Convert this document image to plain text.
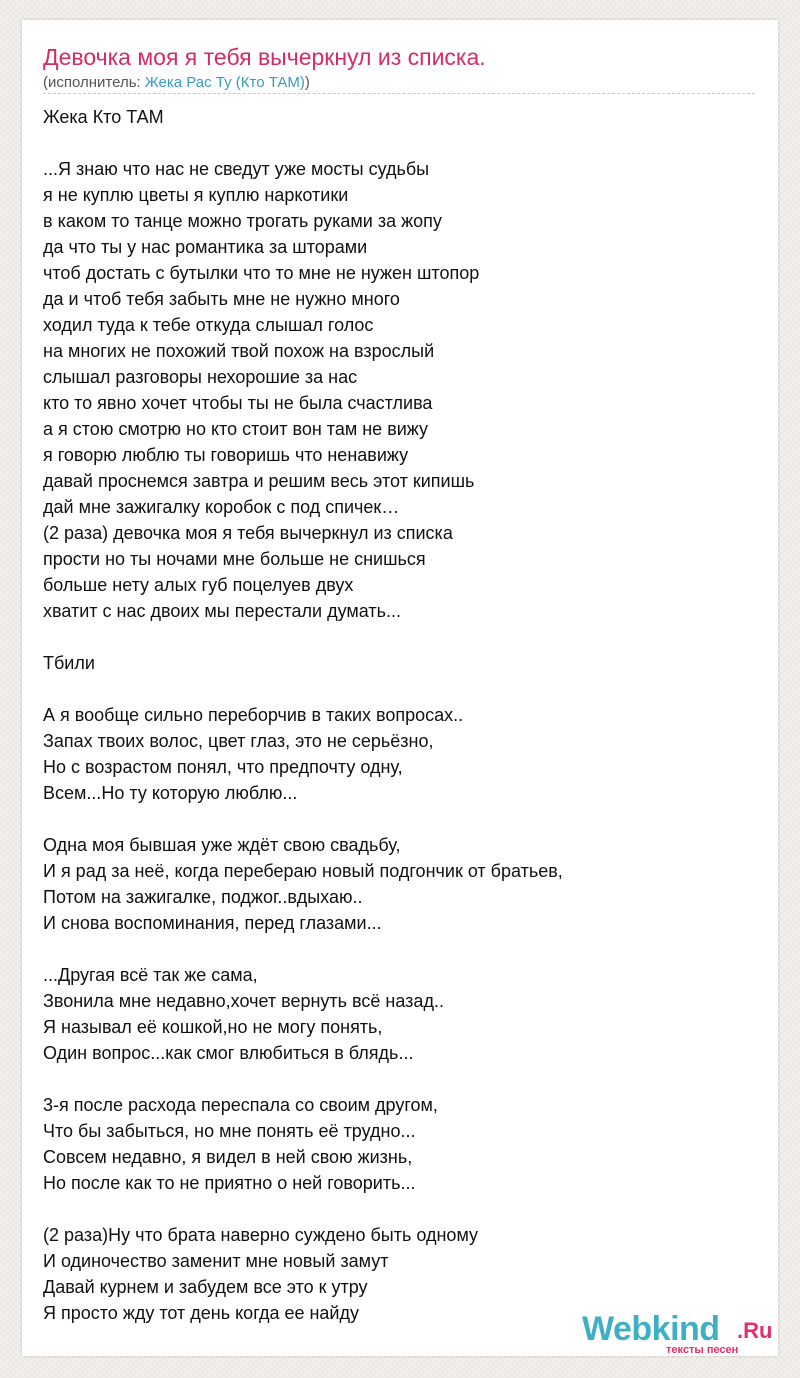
Девочка моя я тебя вычеркнул из списка.
(исполнитель: Жека Рас Ту (Кто ТАМ))
Жека Кто ТАМ
...Я знаю что нас не сведут уже мосты судьбы
я не куплю цветы я куплю наркотики
в каком то танце можно трогать руками за жопу
да что ты у нас романтика за шторами
чтоб достать с бутылки что то мне не нужен штопор
да и чтоб тебя забыть мне не нужно много
ходил туда к тебе откуда слышал голос
на многих не похожий твой похож на взрослый
слышал разговоры нехорошие за нас
кто то явно хочет чтобы ты не была счастлива
а я стою смотрю но кто стоит вон там не вижу
я говорю люблю ты говоришь что ненавижу
давай проснемся завтра и решим весь этот кипишь
дай мне зажигалку коробок с под спичек…
(2 раза) девочка моя я тебя вычеркнул из списка
прости но ты ночами мне больше не снишься
больше нету алых губ поцелуев двух
хватит с нас двоих мы перестали думать...
Тбили
А я вообще сильно переборчив в таких вопросах..
Запах твоих волос, цвет глаз, это не серьёзно,
Но с возрастом понял, что предпочту одну,
Всем...Но ту которую люблю...
Одна моя бывшая уже ждёт свою свадьбу,
И я рад за неё, когда перебераю новый подгончик от братьев,
Потом на зажигалке, поджог..вдыхаю..
И снова воспоминания, перед глазами...
...Другая всё так же сама,
Звонила мне недавно,хочет вернуть всё назад..
Я называл её кошкой,но не могу понять,
Один вопрос...как смог влюбиться в блядь...
3-я после расхода переспала со своим другом,
Что бы забыться, но мне понять её трудно...
Совсем недавно, я видел в ней свою жизнь,
Но после как то не приятно о ней говорить...
(2 раза)Ну что брата наверно суждено быть одному
И одиночество заменит мне новый замут
Давай курнем и забудем все это к утру
Я просто жду тот день когда ее найду	Webkind .Ru
тексты песен
